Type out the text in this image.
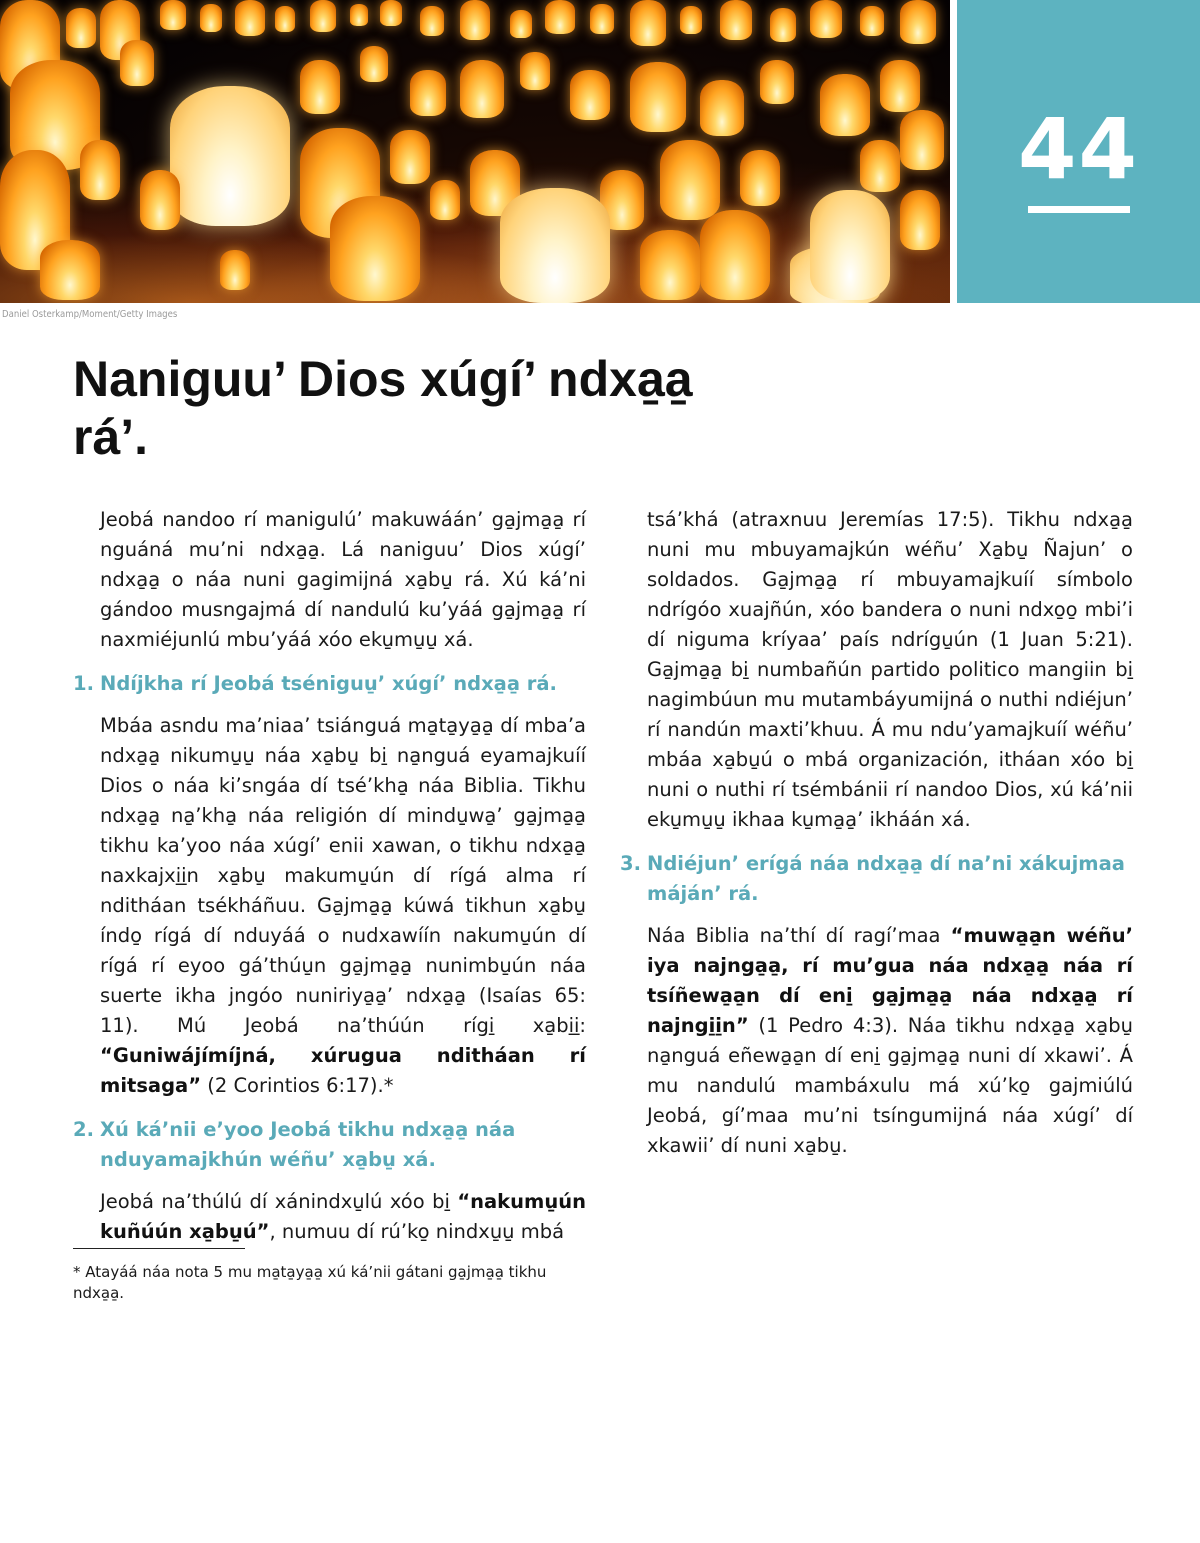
44
Daniel Osterkamp/Moment/Getty Images
Naniguu’ Dios xúgí’ ndxa̱a̱ rá’.

Jeobá nandoo rí manigulú’ makuwáán’ ga̱jma̱a̱ rí nguáná mu’ni ndxa̱a̱. Lá naniguu’ Dios xúgí’ ndxa̱a̱ o náa nuni gagimijná xa̱bu̱ rá. Xú ká’ni gándoo musngajmá dí nandulú ku’yáá ga̱jma̱a̱ rí naxmiéjunlú mbu’yáá xóo eku̱mu̱u̱ xá.

1. Ndíjkha rí Jeobá tséniguu̱’ xúgí’ ndxa̱a̱ rá.

Mbáa asndu ma’niaa’ tsiánguá ma̱ta̱ya̱a̱ dí mba’a ndxa̱a̱ nikumu̱u̱ náa xa̱bu̱ bi̱ na̱nguá eyamajkuíí Dios o náa ki’sngáa dí tsé’kha̱ náa Biblia. Tikhu ndxa̱a̱ na̱’kha̱ náa religión dí mindu̱wa̱’ ga̱jma̱a̱ tikhu ka’yoo náa xúgí’ enii xawan, o tikhu ndxa̱a̱ naxkajxi̱i̱n xa̱bu̱ makumu̱ún dí rígá alma rí nditháan tsékháñuu. Ga̱jma̱a̱ kúwá tikhun xa̱bu̱ índo̱ rígá dí nduyáá o nudxawíín nakumu̱ún dí rígá rí eyoo gá’thúu̱n ga̱jma̱a̱ nunimbu̱ún náa suerte ikha jngóo nuniriya̱a̱’ ndxa̱a̱ (Isaías 65: 11). Mú Jeobá na’thúún rígi̱ xa̱bi̱i̱: “Guniwájímíjná, xúrugua nditháan rí mitsaga” (2 Corintios 6:17).*

2. Xú ká’nii e’yoo Jeobá tikhu ndxa̱a̱ náa nduyamajkhún wéñu’ xa̱bu̱ xá.

Jeobá na’thúlú dí xánindxu̱lú xóo bi̱ “nakumu̱ún kuñúún xa̱bu̱ú”, numuu dí rú’ko̱ nindxu̱u̱ mbá

tsá’khá (atraxnuu Jeremías 17:5). Tikhu ndxa̱a̱ nuni mu mbuyamajkún wéñu’ Xa̱bu̱ Ñajun’ o soldados. Ga̱jma̱a̱ rí mbuyamajkuíí símbolo ndrígóo xuajñún, xóo bandera o nuni ndxo̱o̱ mbi’i dí niguma kríyaa’ país ndrígu̱ún (1 Juan 5:21). Ga̱jma̱a̱ bi̱ numbañún partido politico mangiin bi̱ nagimbúun mu mutambáyumijná o nuthi ndiéjun’ rí nandún maxti’khuu. Á mu ndu’yamajkuíí wéñu’ mbáa xa̱bu̱ú o mbá organización, itháan xóo bi̱ nuni o nuthi rí tsémbánii rí nandoo Dios, xú ká’nii eku̱mu̱u̱ ikhaa ku̱ma̱a̱’ ikháán xá.

3. Ndiéjun’ erígá náa ndxa̱a̱ dí na’ni xákujmaa máján’ rá.

Náa Biblia na’thí dí ragí’maa “muwa̱a̱n wéñu’ iya najnga̱a̱, rí mu’gua náa ndxa̱a̱ náa rí tsíñewa̱a̱n dí eni̱ ga̱jma̱a̱ náa ndxa̱a̱ rí najngi̱i̱n” (1 Pedro 4:3). Náa tikhu ndxa̱a̱ xa̱bu̱ na̱nguá eñewa̱a̱n dí eni̱ ga̱jma̱a̱ nuni dí xkawi’. Á mu nandulú mambáxulu má xú’ko̱ gajmiúlú Jeobá, gí’maa mu’ni tsíngumijná náa xúgí’ dí xkawii’ dí nuni xa̱bu̱.

* Atayáá náa nota 5 mu ma̱ta̱ya̱a̱ xú ká’nii gátani ga̱jma̱a̱ tikhu ndxa̱a̱.
